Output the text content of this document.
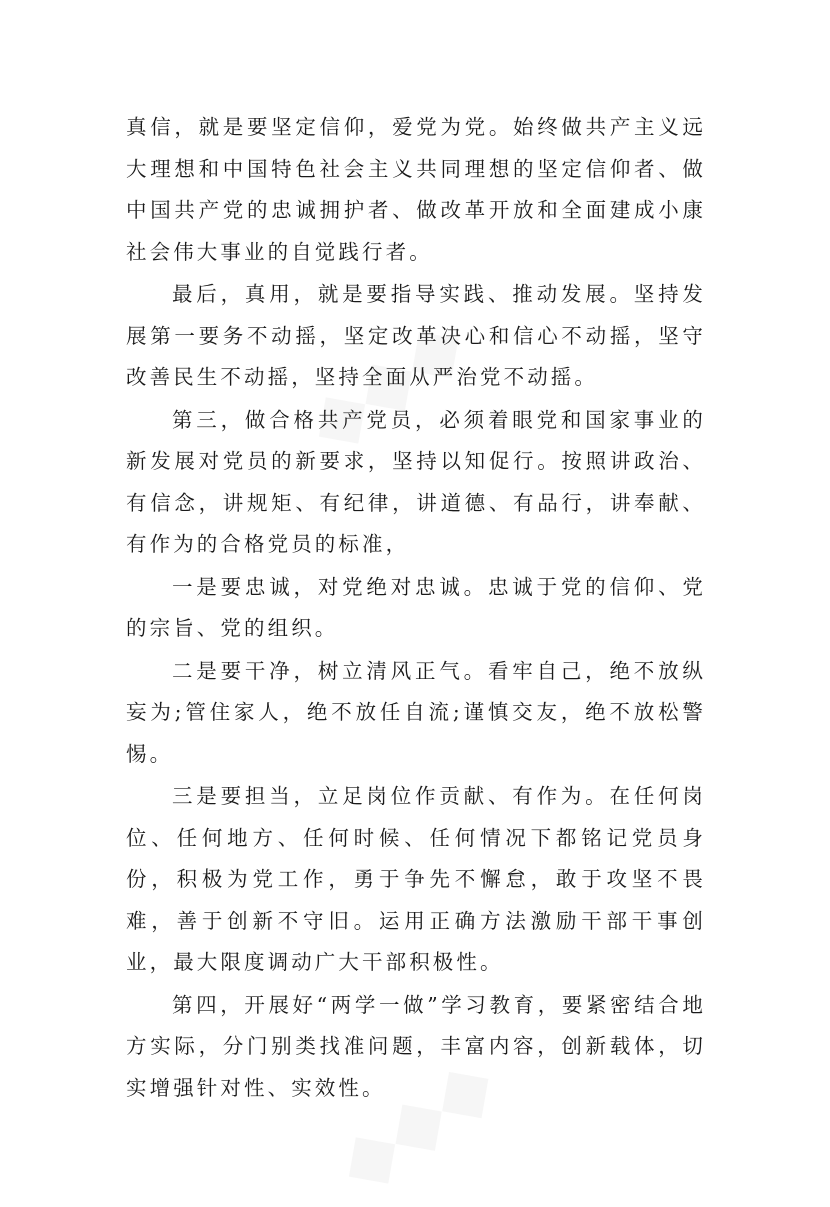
真信，就是要坚定信仰，爱党为党。始终做共产主义远大理想和中国特色社会主义共同理想的坚定信仰者、做中国共产党的忠诚拥护者、做改革开放和全面建成小康社会伟大事业的自觉践行者。

最后，真用，就是要指导实践、推动发展。坚持发展第一要务不动摇，坚定改革决心和信心不动摇，坚守改善民生不动摇，坚持全面从严治党不动摇。

第三，做合格共产党员，必须着眼党和国家事业的新发展对党员的新要求，坚持以知促行。按照讲政治、有信念，讲规矩、有纪律，讲道德、有品行，讲奉献、有作为的合格党员的标准，

一是要忠诚，对党绝对忠诚。忠诚于党的信仰、党的宗旨、党的组织。

二是要干净，树立清风正气。看牢自己，绝不放纵妄为;管住家人，绝不放任自流;谨慎交友，绝不放松警惕。

三是要担当，立足岗位作贡献、有作为。在任何岗位、任何地方、任何时候、任何情况下都铭记党员身份，积极为党工作，勇于争先不懈怠，敢于攻坚不畏难，善于创新不守旧。运用正确方法激励干部干事创业，最大限度调动广大干部积极性。

第四，开展好“两学一做”学习教育，要紧密结合地方实际，分门别类找准问题，丰富内容，创新载体，切实增强针对性、实效性。
